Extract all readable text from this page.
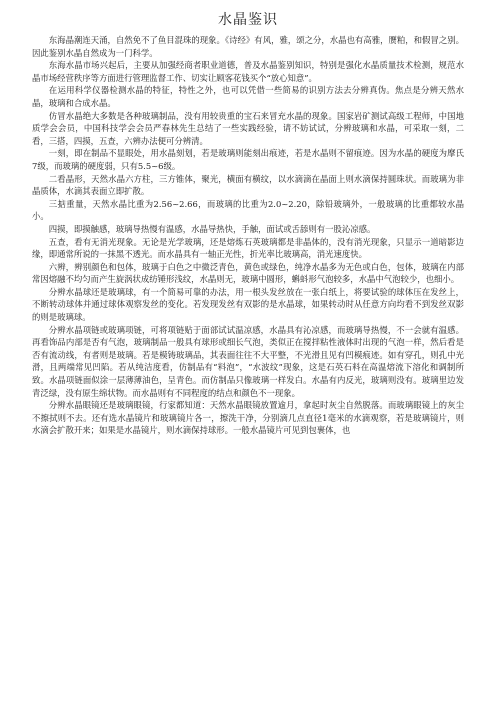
水晶鉴识

东海晶潮连天涌，自然免不了鱼目混珠的现象。《诗经》有风，雅，颂之分，水晶也有高雅，赝粕，和假冒之别。因此鉴别水晶自然成为一门科学。

东海水晶市场兴起后，主要从加强经商者职业道德，普及水晶鉴别知识，特别是强化水晶质量技术检测，规范水晶市场经营秩序等方面进行管理监督工作、切实让顾客花钱买个“放心知意”。

在运用科学仪器检测水晶的特征，特性之外，也可以凭借一些简易的识别方法去分辨真伪。焦点是分辨天然水晶，玻璃和合成水晶。

仿冒水晶绝大多数是各种玻璃制品，没有用较贵重的宝石来冒充水晶的现象。国家岩矿测试高级工程师，中国地质学会会员，中国科技学会会员严春林先生总结了一些实践经验，请不妨试试，分辨玻璃和水晶，可采取一刻，二看，三搭，四摸，五查，六辨办法便可分辨清。

一刻，即在制品不显眼处，用水晶刻划，若是玻璃则能刻出痕迹，若是水晶则不留痕迹。因为水晶的硬度为摩氏7级，而玻璃的硬度弱，只有5.5~6级。

二看晶形，天然水晶六方柱，三方锥体，聚光，横面有横纹，以水滴滴在晶面上则水滴保持圆珠状。而玻璃为非晶质体，水滴其表面立即扩散。

三掂重量，天然水晶比重为2.56~2.66，而玻璃的比重为2.0~2.20，除铅玻璃外，一般玻璃的比重都较水晶小。

四摸，即摸触感，玻璃导热慢有温感，水晶导热快，手触，面试或舌舔则有一股沁凉感。

五查，看有无消光现象。无论是光学玻璃，还是熔炼石英玻璃都是非晶体的，没有消光现象，只显示一道暗影边缘，即通常所说的一抹黑不透光。而水晶具有一轴正光性，折光率比玻璃高，消光速度快。

六辨，辨别颜色和包体，玻璃于白色之中微泛青色，黄色或绿色，纯净水晶多为无色或白色，包体，玻璃在内部常因熔融不均匀而产生旋涡状成纺锤形浅纹，水晶则无，玻璃中圆形，蝌蚪形气泡较多，水晶中气泡较少，也细小。

分辨水晶球还是玻璃球，有一个简易可靠的办法，用一根头发丝放在一张白纸上，将要试验的球体压在发丝上，不断转动球体并通过球体观察发丝的变化。若发现发丝有双影的是水晶球，如果转动时从任意方向均看不到发丝双影的则是玻璃球。

分辨水晶项链或玻璃项链，可将项链贴于面部试试温凉感，水晶具有沁凉感，而玻璃导热慢，不一会就有温感。再看饰品内部是否有气泡，玻璃制品一般具有球形或细长气泡，类似正在搅拌粘性液体时出现的气泡一样，然后看是否有流动线，有者则是玻璃。若是模铸玻璃品，其表面往往不大平整，不光滑且见有凹模痕迹。如有穿孔，则孔中光滑，且两端常见凹陷。若从纯洁度看，仿制品有“料泡”，“水波纹”现象，这是石英石料在高温熔流下溶化和调制所致。水晶项链面似涂一层薄薄油色，呈青色。而仿制品只像玻璃一样发白。水晶有内反光，玻璃则没有。玻璃里边发青泛绿，没有原生绵状物。而水晶则有不同程度的结点和颜色不一现象。

分辨水晶眼镜还是玻璃眼镜，行家都知道：天然水晶眼镜放置逾月，拿起时灰尘自然脱落。而玻璃眼镜上的灰尘不擦拭则不去。还有选水晶镜片和玻璃镜片各一，擦洗干净，分别滴几点直径1毫米的水滴观察，若是玻璃镜片，则水滴会扩散开来；如果是水晶镜片，则水滴保持球形。一般水晶镜片可见到包裹体，也
